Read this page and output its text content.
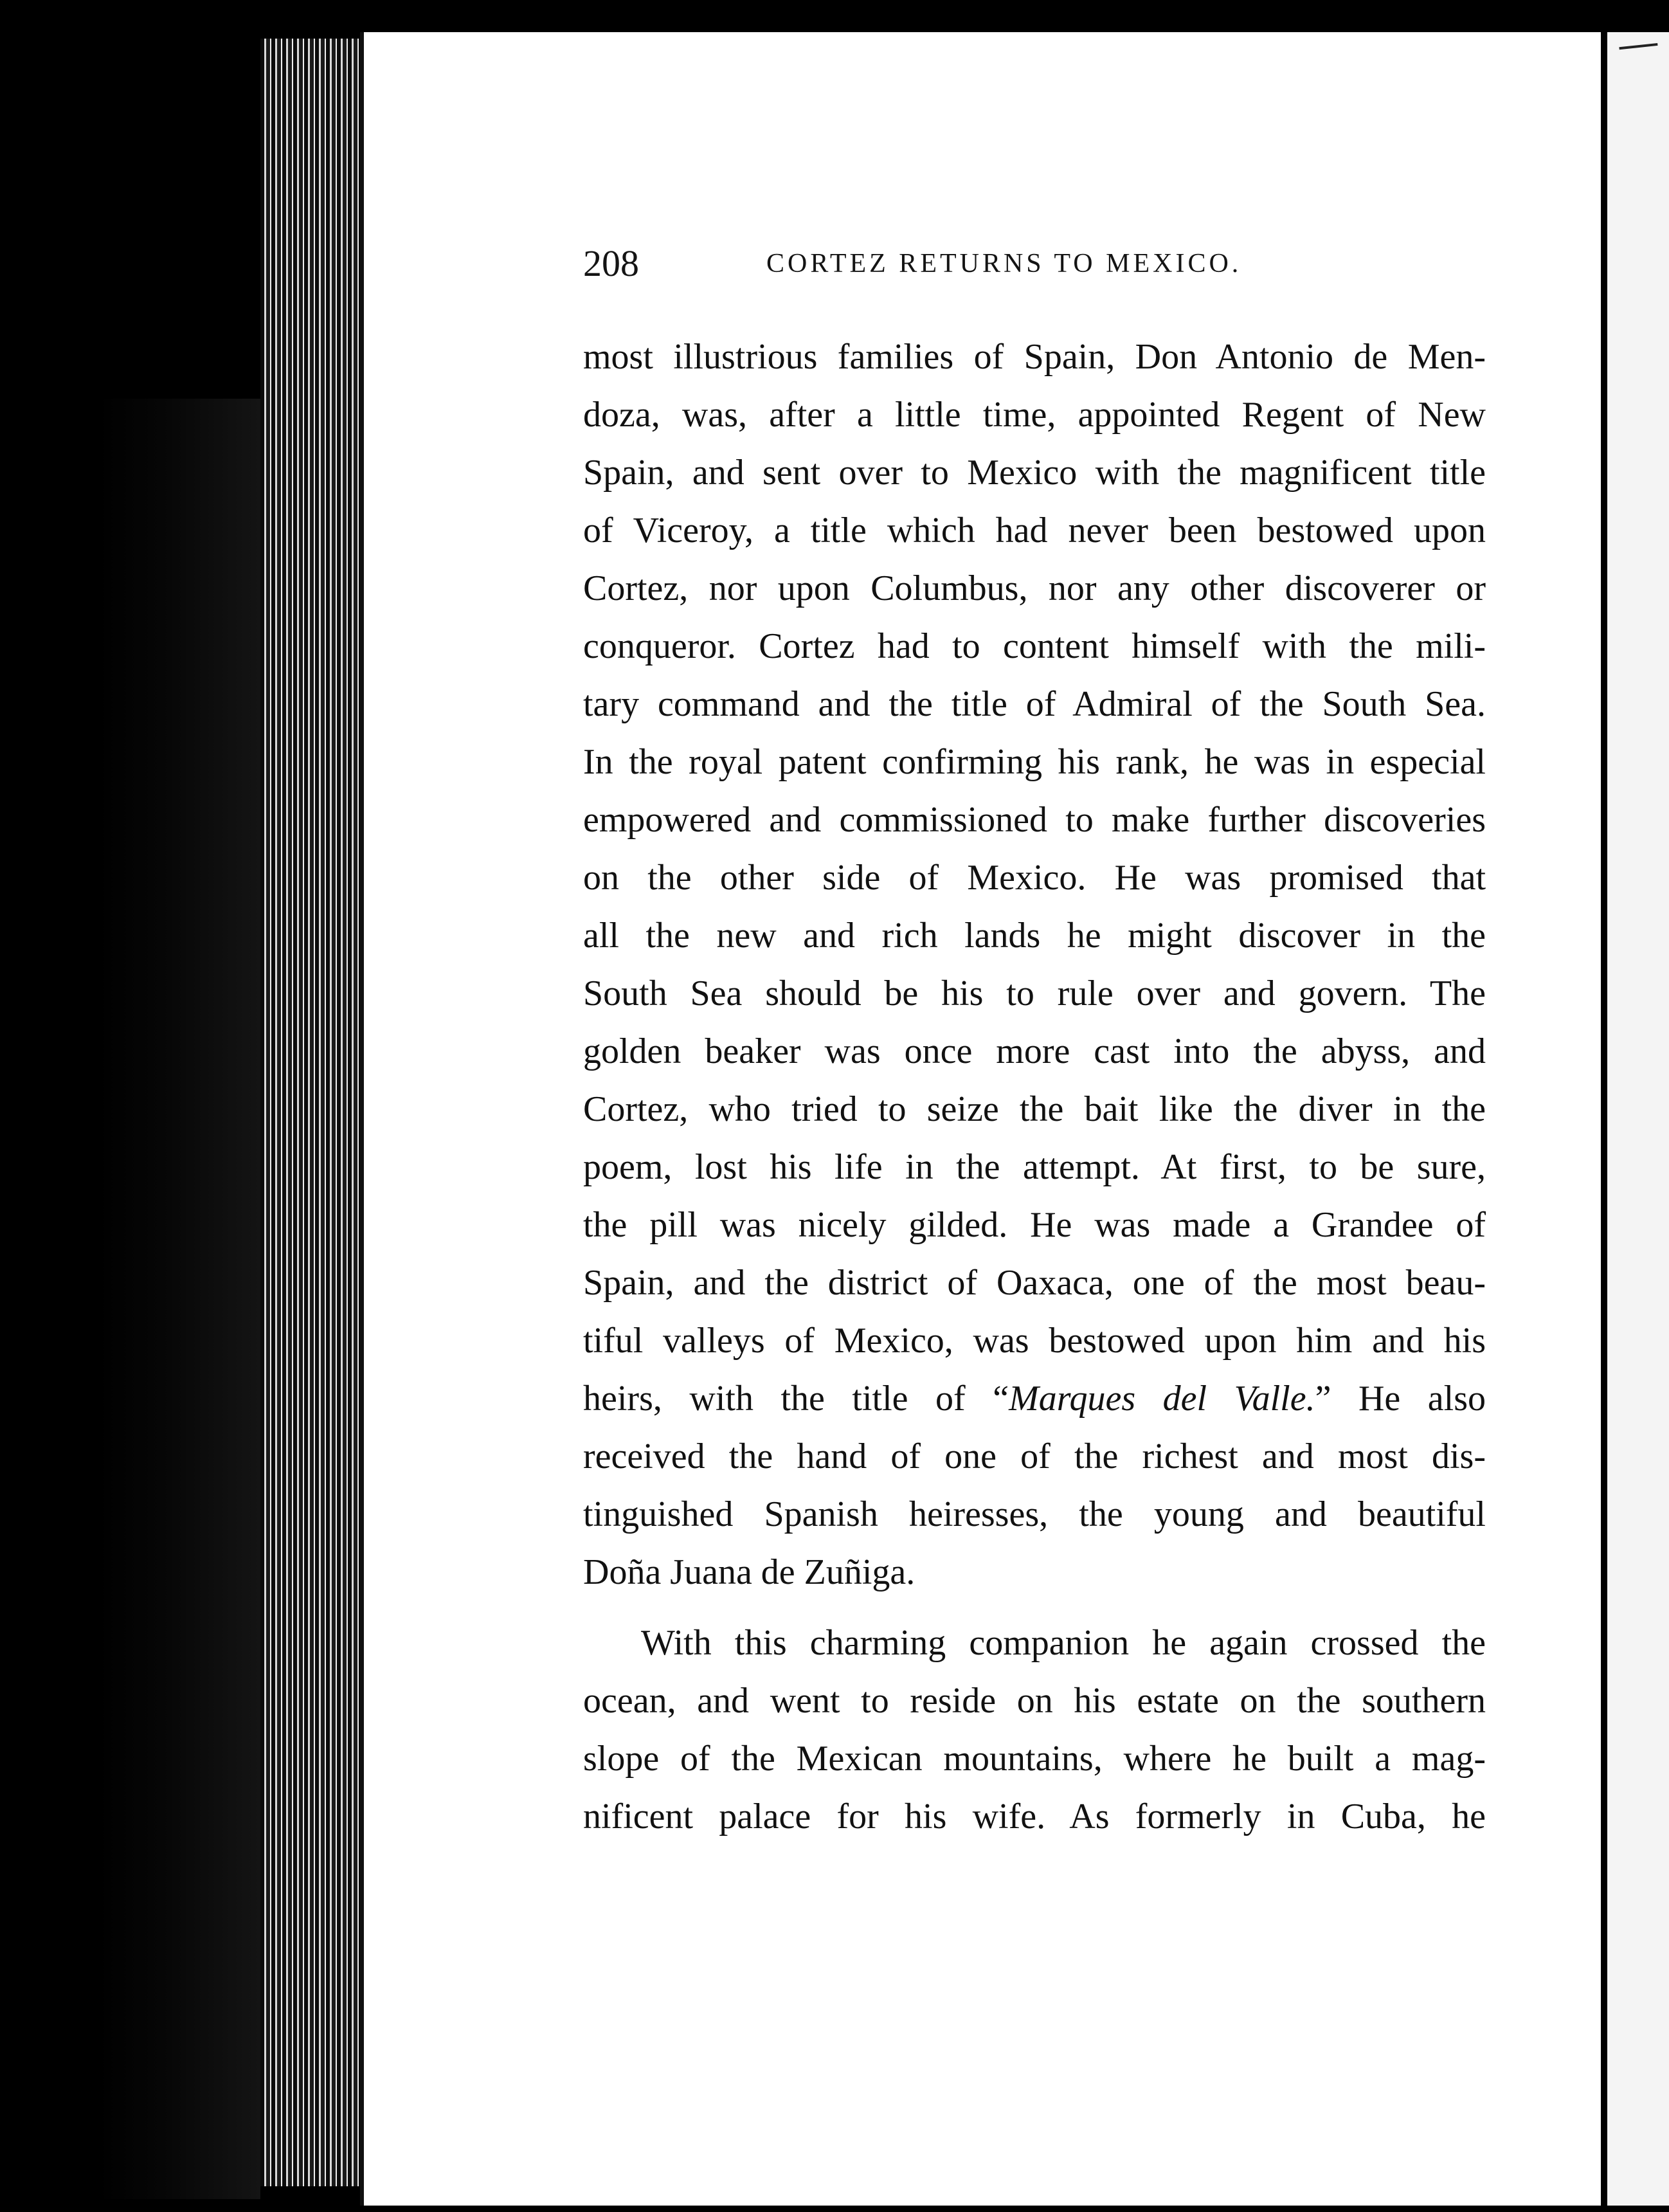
208	CORTEZ RETURNS TO MEXICO.
most illustrious families of Spain, Don Antonio de Men-
doza, was, after a little time, appointed Regent of New
Spain, and sent over to Mexico with the magnificent title
of Viceroy, a title which had never been bestowed upon
Cortez, nor upon Columbus, nor any other discoverer or
conqueror. Cortez had to content himself with the mili-
tary command and the title of Admiral of the South Sea.
In the royal patent confirming his rank, he was in especial
empowered and commissioned to make further discoveries
on the other side of Mexico. He was promised that
all the new and rich lands he might discover in the
South Sea should be his to rule over and govern. The
golden beaker was once more cast into the abyss, and
Cortez, who tried to seize the bait like the diver in the
poem, lost his life in the attempt. At first, to be sure,
the pill was nicely gilded. He was made a Grandee of
Spain, and the district of Oaxaca, one of the most beau-
tiful valleys of Mexico, was bestowed upon him and his
heirs, with the title of “Marques del Valle.” He also
received the hand of one of the richest and most dis-
tinguished Spanish heiresses, the young and beautiful
Doña Juana de Zuñiga.
With this charming companion he again crossed the
ocean, and went to reside on his estate on the southern
slope of the Mexican mountains, where he built a mag-
nificent palace for his wife. As formerly in Cuba, he
